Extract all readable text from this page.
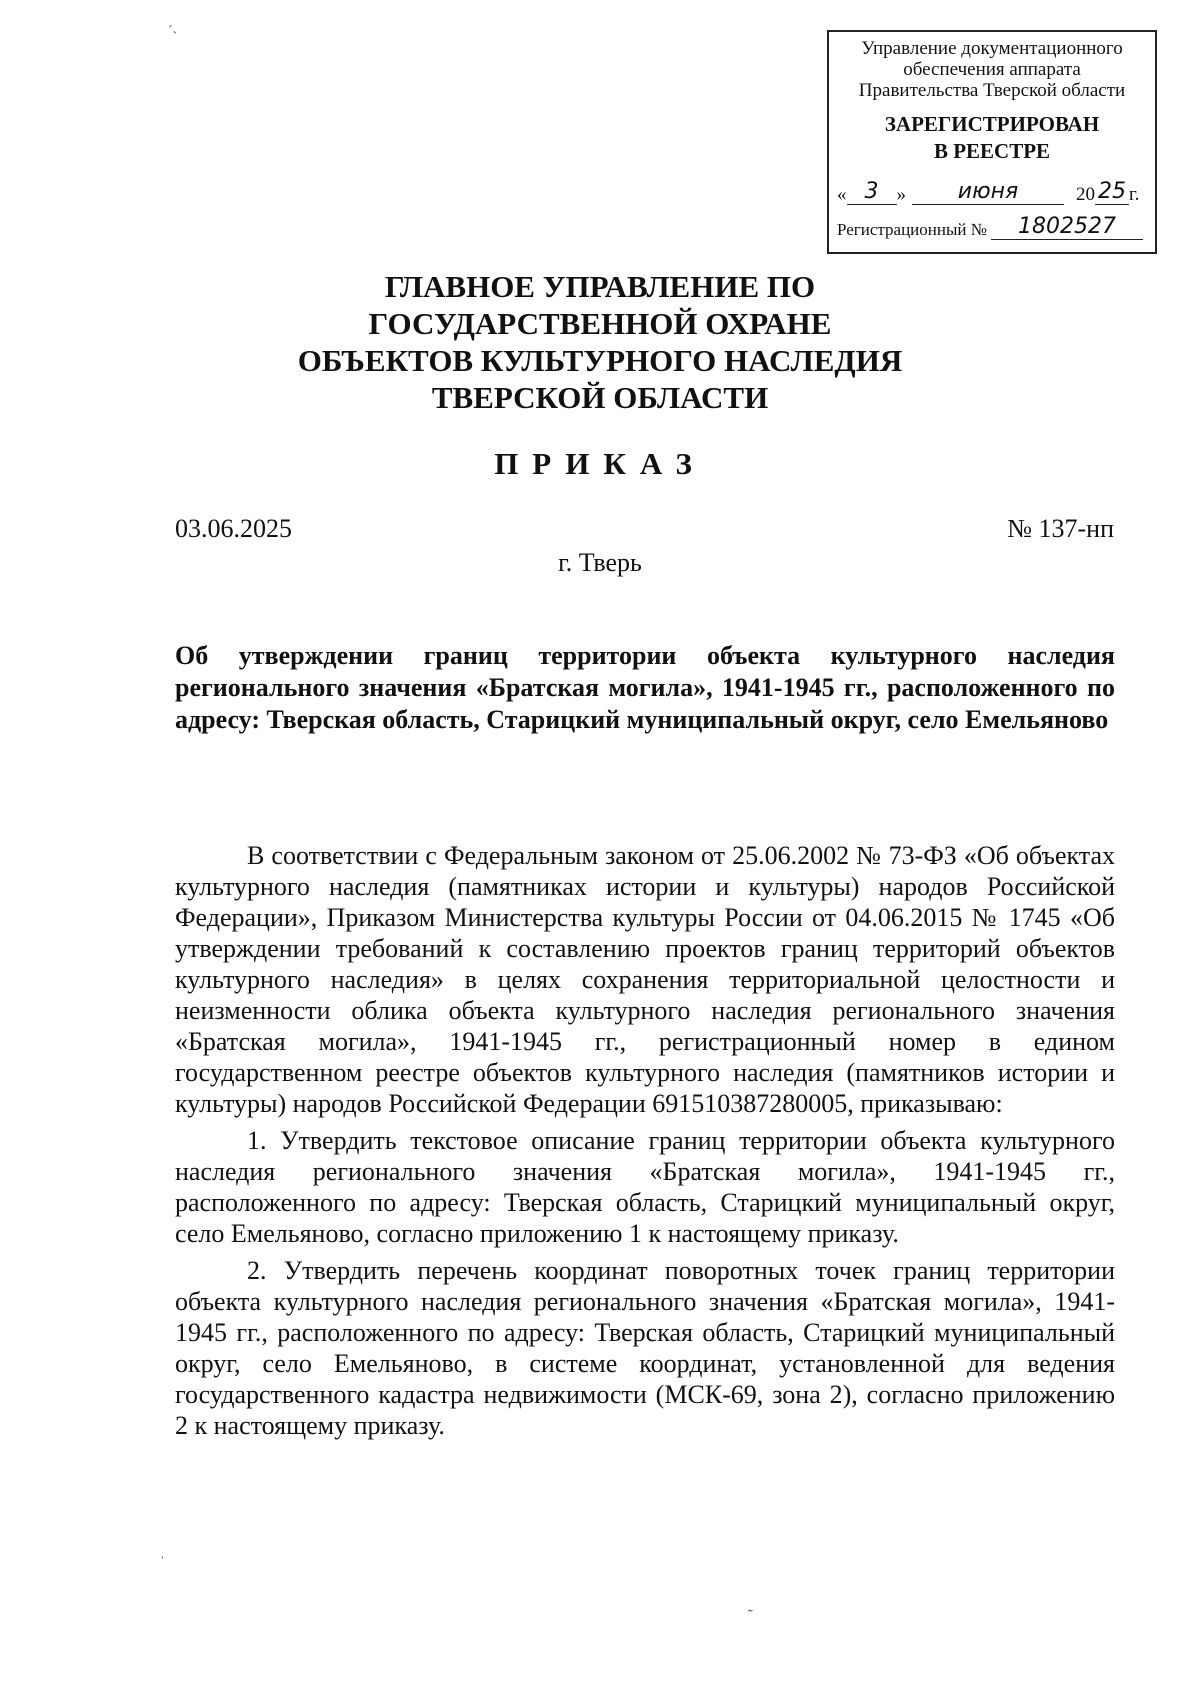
ˊ˴
Управление документационного
обеспечения аппарата
Правительства Тверской области
ЗАРЕГИСТРИРОВАН
В РЕЕСТРЕ
« 3 »	июня	20 25 г.
Регистрационный №	1802527
ГЛАВНОЕ УПРАВЛЕНИЕ ПО
ГОСУДАРСТВЕННОЙ ОХРАНЕ
ОБЪЕКТОВ КУЛЬТУРНОГО НАСЛЕДИЯ
ТВЕРСКОЙ ОБЛАСТИ
ПРИКАЗ
03.06.2025	№ 137-нп
г. Тверь
Об утверждении границ территории объекта культурного наследия регионального значения «Братская могила», 1941-1945 гг., расположенного по адресу: Тверская область, Старицкий муниципальный округ, село Емельяново

В соответствии с Федеральным законом от 25.06.2002 № 73-ФЗ «Об объектах культурного наследия (памятниках истории и культуры) народов Российской Федерации», Приказом Министерства культуры России от 04.06.2015 № 1745 «Об утверждении требований к составлению проектов границ территорий объектов культурного наследия» в целях сохранения территориальной целостности и неизменности облика объекта культурного наследия регионального значения «Братская могила», 1941-1945 гг., регистрационный номер в едином государственном реестре объектов культурного наследия (памятников истории и культуры) народов Российской Федерации 691510387280005, приказываю:

1. Утвердить текстовое описание границ территории объекта культурного наследия регионального значения «Братская могила», 1941-1945 гг., расположенного по адресу: Тверская область, Старицкий муниципальный округ, село Емельяново, согласно приложению 1 к настоящему приказу.

2. Утвердить перечень координат поворотных точек границ территории объекта культурного наследия регионального значения «Братская могила», 1941-1945 гг., расположенного по адресу: Тверская область, Старицкий муниципальный округ, село Емельяново, в системе координат, установленной для ведения государственного кадастра недвижимости (МСК-69, зона 2), согласно приложению 2 к настоящему приказу.

ˈ
˷
